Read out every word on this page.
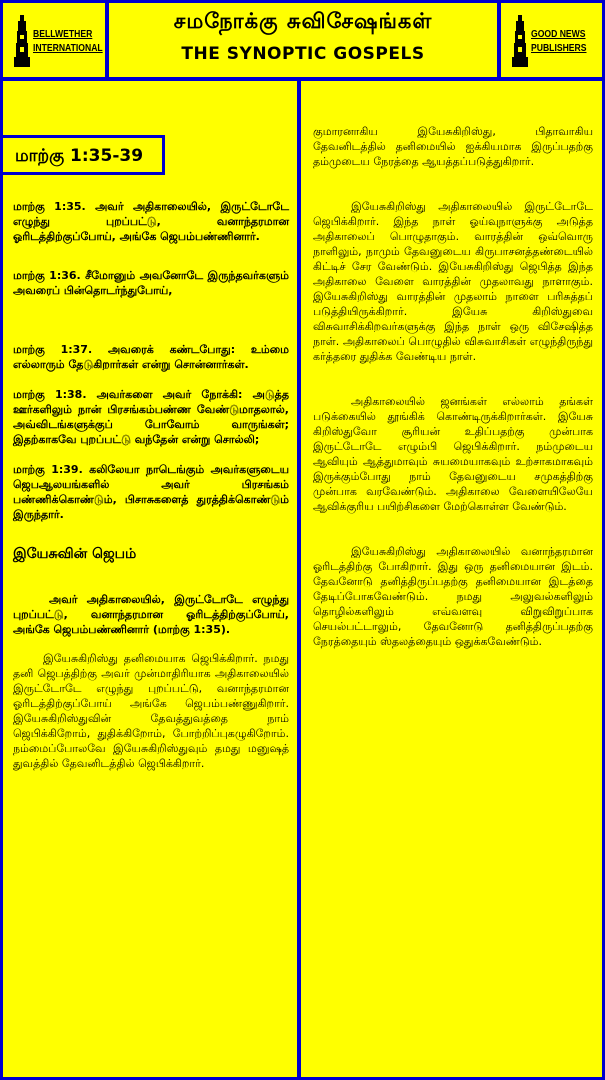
BELLWETHER
INTERNATIONAL
சமநோக்கு சுவிசேஷங்கள்
THE SYNOPTIC GOSPELS
GOOD NEWS
PUBLISHERS
மாற்கு 1:35-39

மாற்கு 1:35. அவர் அதிகாலையில், இருட்டோடே எழுந்து புறப்பட்டு, வனாந்தரமான ஓரிடத்திற்குப்போய், அங்கே ஜெபம்பண்ணினார்.

மாற்கு 1:36. சீமோனும் அவனோடே இருந்தவர்களும் அவரைப் பின்தொடர்ந்துபோய்,

மாற்கு 1:37. அவரைக் கண்டபோது: உம்மை எல்லாரும் தேடுகிறார்கள் என்று சொன்னார்கள்.

மாற்கு 1:38. அவர்களை அவர் நோக்கி: அடுத்த ஊர்களிலும் நான் பிரசங்கம்பண்ண வேண்டுமாதலால், அவ்விடங்களுக்குப் போவோம் வாருங்கள்; இதற்காகவே புறப்பட்டு வந்தேன் என்று சொல்லி;

மாற்கு 1:39. கலிலேயா நாடெங்கும் அவர்களுடைய ஜெபஆலயங்களில் அவர் பிரசங்கம் பண்ணிக்கொண்டும், பிசாசுகளைத் துரத்திக்கொண்டும் இருந்தார்.

இயேசுவின் ஜெபம்

அவர் அதிகாலையில், இருட்டோடே எழுந்து புறப்பட்டு, வனாந்தரமான ஓரிடத்திற்குப்போய், அங்கே ஜெபம்பண்ணினார் (மாற்கு 1:35).

இயேசுகிறிஸ்து தனிமையாக ஜெபிக்கிறார். நமது தனி ஜெபத்திற்கு அவர் முன்மாதிரியாக அதிகாலையில் இருட்டோடே எழுந்து புறப்பட்டு, வனாந்தரமான ஓரிடத்திற்குப்போய் அங்கே ஜெபம்பண்ணுகிறார். இயேசுகிறிஸ்துவின் தேவத்துவத்தை நாம் ஜெபிக்கிறோம், துதிக்கிறோம், போற்றிப்புகழுகிறோம். நம்மைப்போலவே இயேசுகிறிஸ்துவும் தமது மனுஷத் துவத்தில் தேவனிடத்தில் ஜெபிக்கிறார்.

குமாரனாகிய இயேசுகிறிஸ்து, பிதாவாகிய தேவனிடத்தில் தனிமையில் ஐக்கியமாக இருப்பதற்கு தம்முடைய நேரத்தை ஆயத்தப்படுத்துகிறார்.

இயேசுகிறிஸ்து அதிகாலையில் இருட்டோடே ஜெபிக்கிறார். இந்த நாள் ஓய்வுநாளுக்கு அடுத்த அதிகாலைப் பொழுதாகும். வாரத்தின் ஒவ்வொரு நாளிலும், நாமும் தேவனுடைய கிருபாசனத்தண்டையில் கிட்டிச் சேர வேண்டும். இயேசுகிறிஸ்து ஜெபித்த இந்த அதிகாலை வேளை வாரத்தின் முதலாவது நாளாகும். இயேசுகிறிஸ்து வாரத்தின் முதலாம் நாளை பரிசுத்தப் படுத்தியிருக்கிறார். இயேசு கிறிஸ்துவை விசுவாசிக்கிறவர்களுக்கு இந்த நாள் ஒரு விசேஷித்த நாள். அதிகாலைப் பொழுதில் விசுவாசிகள் எழுந்திருந்து கர்த்தரை துதிக்க வேண்டிய நாள்.

அதிகாலையில் ஜனங்கள் எல்லாம் தங்கள் படுக்கையில் தூங்கிக் கொண்டிருக்கிறார்கள். இயேசு கிறிஸ்துவோ சூரியன் உதிப்பதற்கு முன்பாக இருட்டோடே எழும்பி ஜெபிக்கிறார். நம்முடைய ஆவியும் ஆத்துமாவும் சுயமையாகவும் உற்சாகமாகவும் இருக்கும்போது நாம் தேவனுடைய சமுகத்திற்கு முன்பாக வரவேண்டும். அதிகாலை வேளையிலேயே ஆவிக்குரிய பயிற்சிகளை மேற்கொள்ள வேண்டும்.

இயேசுகிறிஸ்து அதிகாலையில் வனாந்தரமான ஓரிடத்திற்கு போகிறார். இது ஒரு தனிமையான இடம். தேவனோடு தனித்திருப்பதற்கு தனிமையான இடத்தை தேடிப்போகவேண்டும். நமது அலுவல்களிலும் தொழில்களிலும் எவ்வளவு விறுவிறுப்பாக செயல்பட்டாலும், தேவனோடு தனித்திருப்பதற்கு நேரத்தையும் ஸ்தலத்தையும் ஒதுக்கவேண்டும்.
